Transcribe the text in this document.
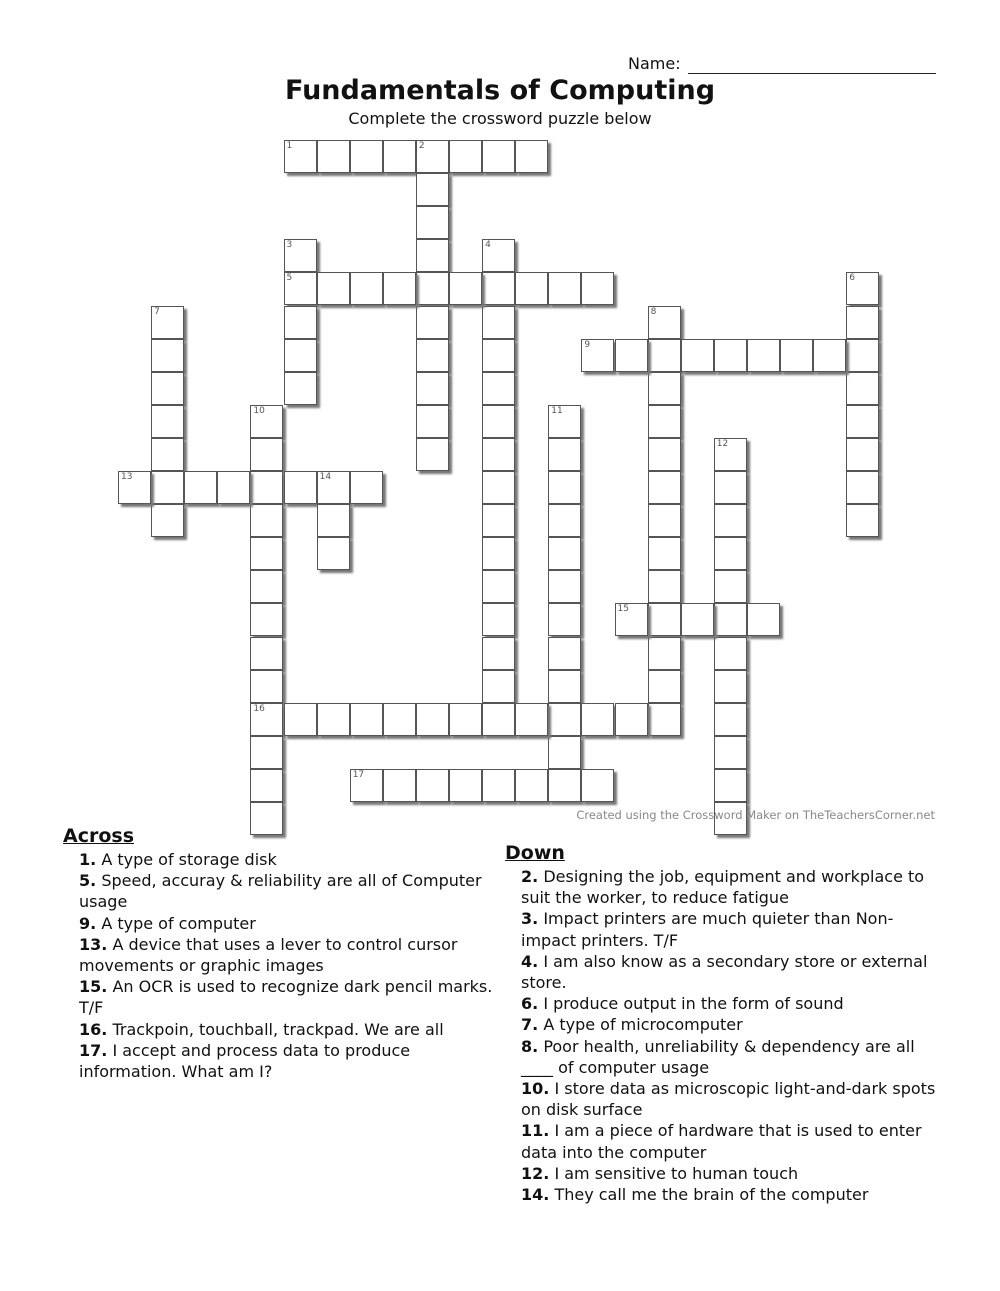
Name:
Fundamentals of Computing
Complete the crossword puzzle below
1	2
3
5
4
6
7	8
9
10
16
11
12
13	14
15
17
Created using the Crossword Maker on TheTeachersCorner.net
Across
1. A type of storage disk
5. Speed, accuray & reliability are all of Computer usage
9. A type of computer
13. A device that uses a lever to control cursor movements or graphic images
15. An OCR is used to recognize dark pencil marks. T/F
16. Trackpoin, touchball, trackpad. We are all
17. I accept and process data to produce information. What am I?
Down
2. Designing the job, equipment and workplace to suit the worker, to reduce fatigue
3. Impact printers are much quieter than Non-impact printers. T/F
4. I am also know as a secondary store or external store.
6. I produce output in the form of sound
7. A type of microcomputer
8. Poor health, unreliability & dependency are all ____ of computer usage
10. I store data as microscopic light-and-dark spots on disk surface
11. I am a piece of hardware that is used to enter data into the computer
12. I am sensitive to human touch
14. They call me the brain of the computer
